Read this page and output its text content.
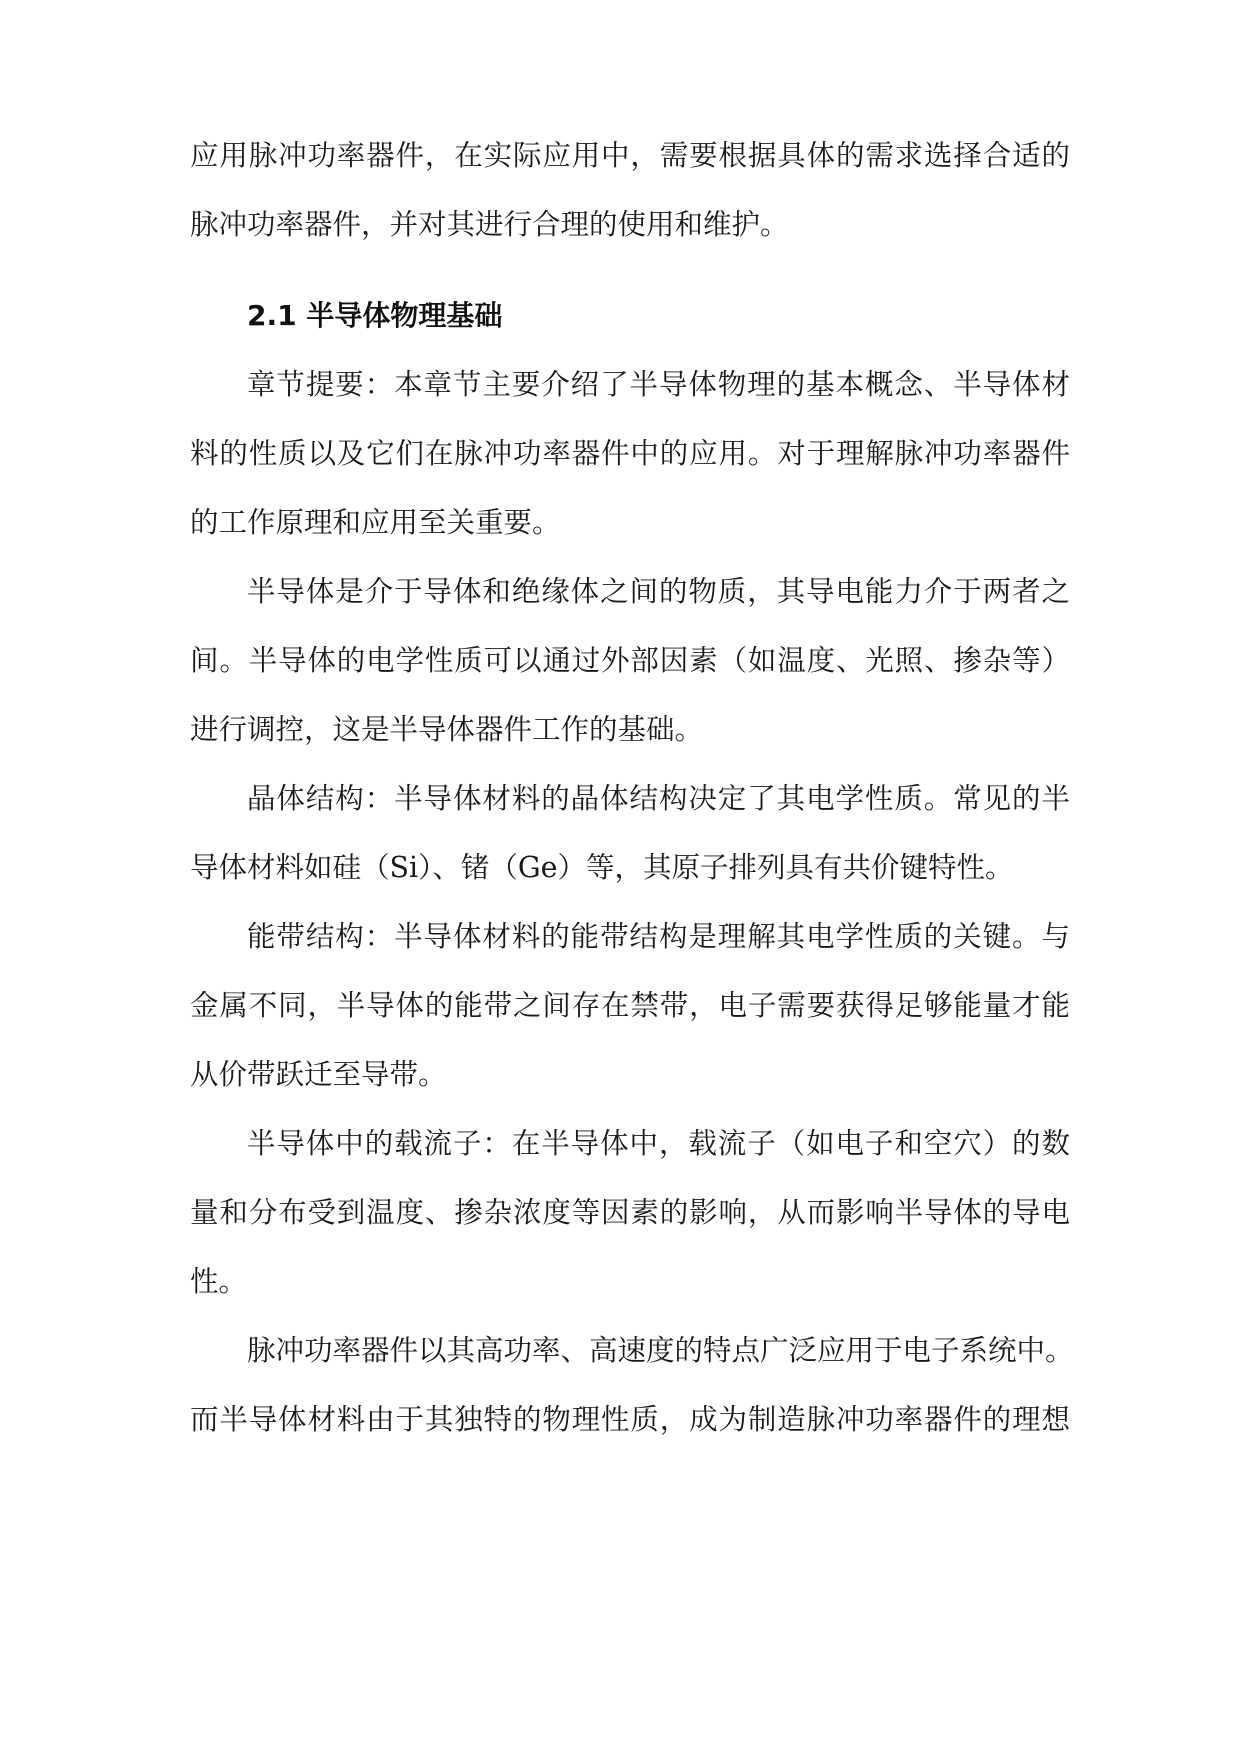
应用脉冲功率器件，在实际应用中，需要根据具体的需求选择合适的

脉冲功率器件，并对其进行合理的使用和维护。

2.1 半导体物理基础

章节提要：本章节主要介绍了半导体物理的基本概念、半导体材

料的性质以及它们在脉冲功率器件中的应用。对于理解脉冲功率器件

的工作原理和应用至关重要。

半导体是介于导体和绝缘体之间的物质，其导电能力介于两者之

间。半导体的电学性质可以通过外部因素（如温度、光照、掺杂等）

进行调控，这是半导体器件工作的基础。

晶体结构：半导体材料的晶体结构决定了其电学性质。常见的半

导体材料如硅（Si）、锗（Ge）等，其原子排列具有共价键特性。

能带结构：半导体材料的能带结构是理解其电学性质的关键。与

金属不同，半导体的能带之间存在禁带，电子需要获得足够能量才能

从价带跃迁至导带。

半导体中的载流子：在半导体中，载流子（如电子和空穴）的数

量和分布受到温度、掺杂浓度等因素的影响，从而影响半导体的导电

性。

脉冲功率器件以其高功率、高速度的特点广泛应用于电子系统中。

而半导体材料由于其独特的物理性质，成为制造脉冲功率器件的理想
